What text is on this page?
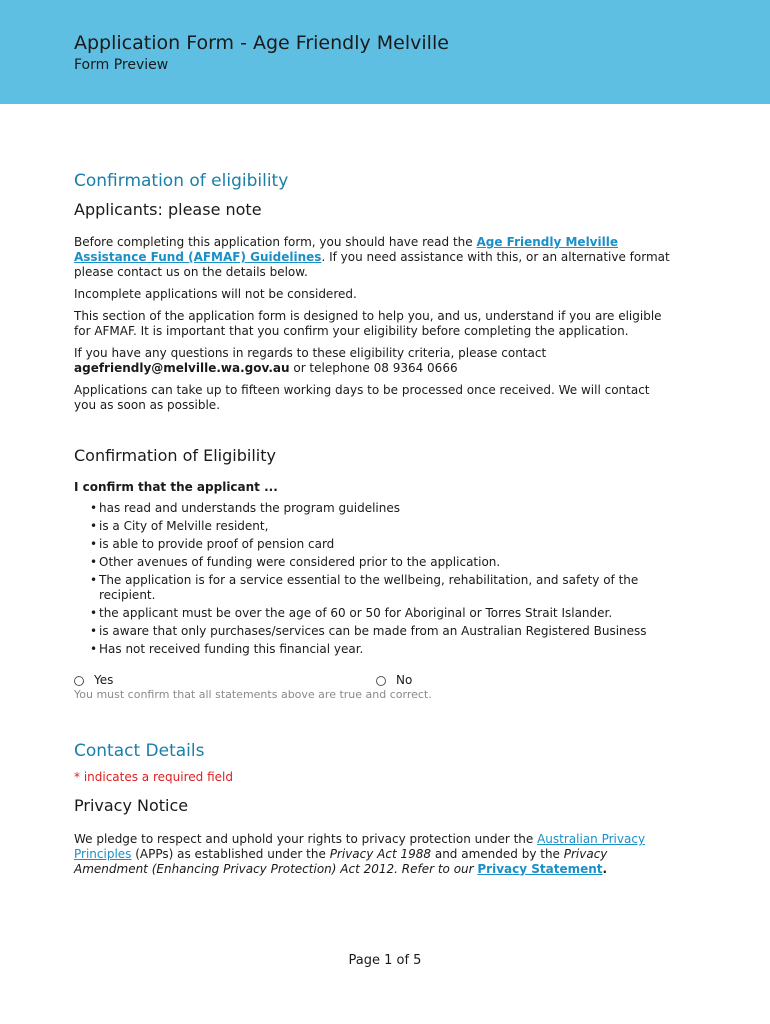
Application Form - Age Friendly Melville
Form Preview
Confirmation of eligibility
Applicants: please note

Before completing this application form, you should have read the Age Friendly Melville Assistance Fund (AFMAF) Guidelines. If you need assistance with this, or an alternative format please contact us on the details below.

Incomplete applications will not be considered.

This section of the application form is designed to help you, and us, understand if you are eligible for AFMAF. It is important that you confirm your eligibility before completing the application.

If you have any questions in regards to these eligibility criteria, please contact agefriendly@melville.wa.gov.au or telephone 08 9364 0666

Applications can take up to fifteen working days to be processed once received. We will contact you as soon as possible.

Confirmation of Eligibility

I confirm that the applicant ...

• has read and understands the program guidelines
• is a City of Melville resident,
• is able to provide proof of pension card
• Other avenues of funding were considered prior to the application.
• The application is for a service essential to the wellbeing, rehabilitation, and safety of the recipient.
• the applicant must be over the age of 60 or 50 for Aboriginal or Torres Strait Islander.
• is aware that only purchases/services can be made from an Australian Registered Business
• Has not received funding this financial year.
Yes	No

You must confirm that all statements above are true and correct.

Contact Details

* indicates a required field

Privacy Notice

We pledge to respect and uphold your rights to privacy protection under the Australian Privacy Principles (APPs) as established under the Privacy Act 1988 and amended by the Privacy Amendment (Enhancing Privacy Protection) Act 2012. Refer to our Privacy Statement.

Page 1 of 5
